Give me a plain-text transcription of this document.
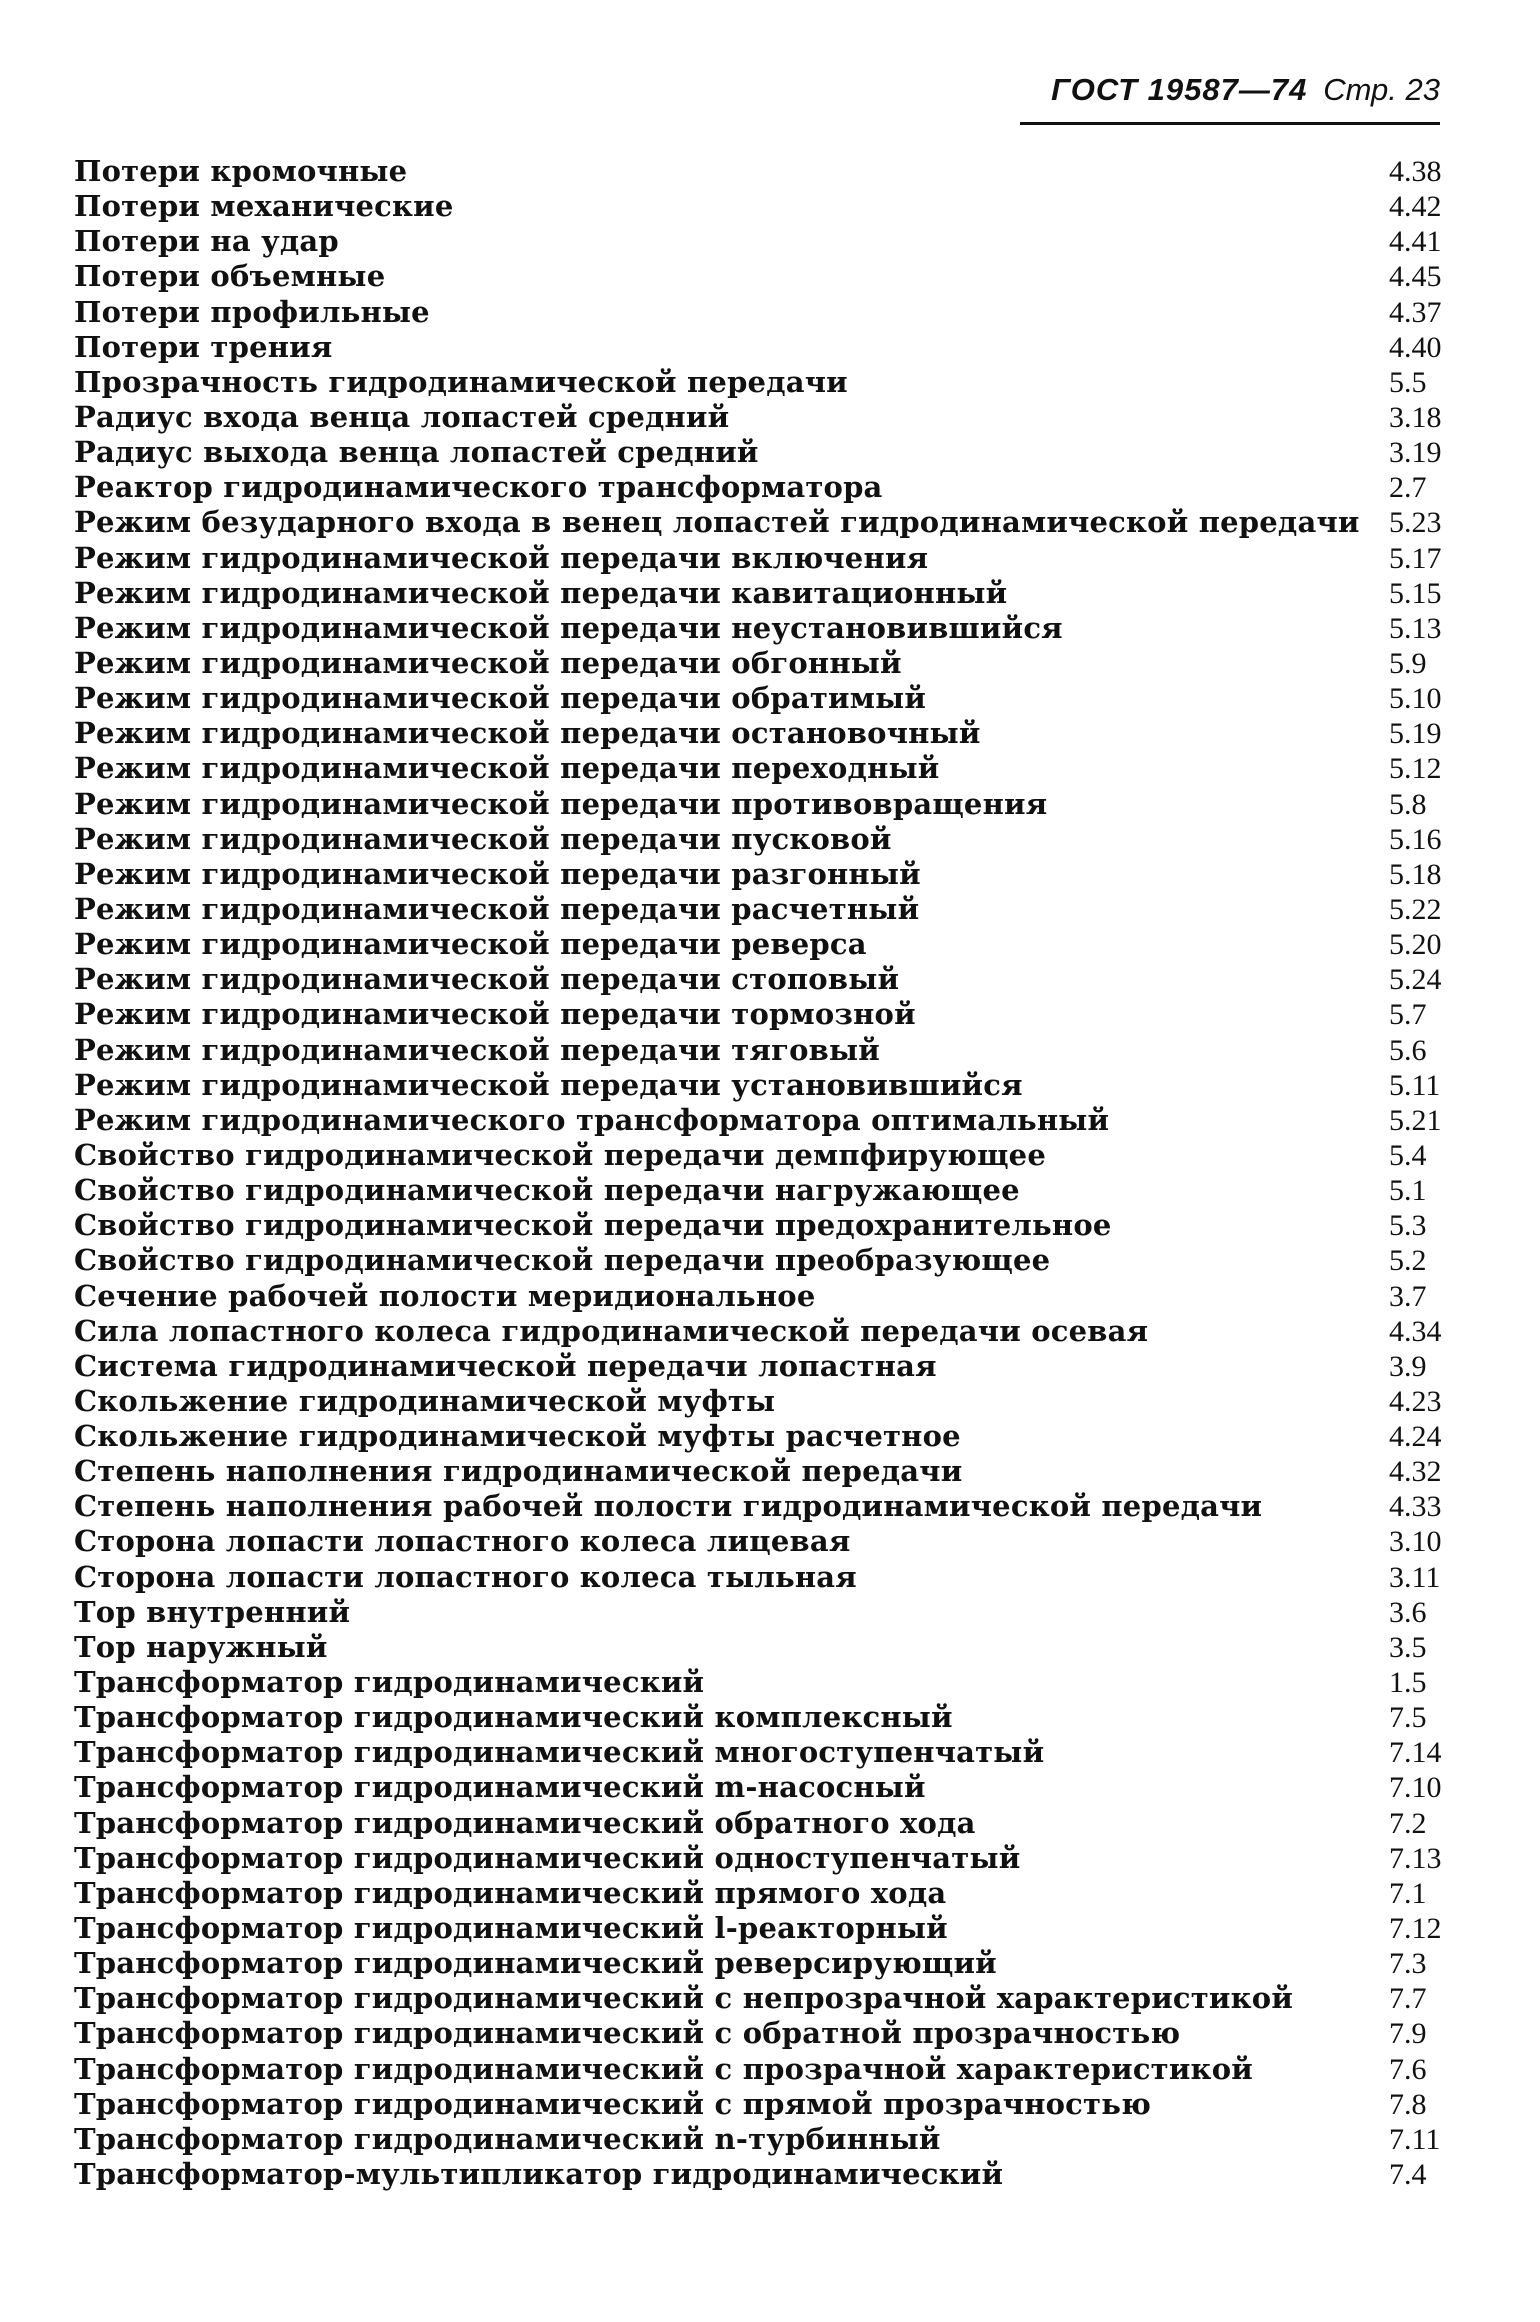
ГОСТ 19587—74 Стр. 23
Потери кромочные	4.38
Потери механические	4.42
Потери на удар	4.41
Потери объемные	4.45
Потери профильные	4.37
Потери трения	4.40
Прозрачность гидродинамической передачи	5.5
Радиус входа венца лопастей средний	3.18
Радиус выхода венца лопастей средний	3.19
Реактор гидродинамического трансформатора	2.7
Режим безударного входа в венец лопастей гидродинамической передачи 5.23
Режим гидродинамической передачи включения	5.17
Режим гидродинамической передачи кавитационный	5.15
Режим гидродинамической передачи неустановившийся	5.13
Режим гидродинамической передачи обгонный	5.9
Режим гидродинамической передачи обратимый	5.10
Режим гидродинамической передачи остановочный	5.19
Режим гидродинамической передачи переходный	5.12
Режим гидродинамической передачи противовращения	5.8
Режим гидродинамической передачи пусковой	5.16
Режим гидродинамической передачи разгонный	5.18
Режим гидродинамической передачи расчетный	5.22
Режим гидродинамической передачи реверса	5.20
Режим гидродинамической передачи стоповый	5.24
Режим гидродинамической передачи тормозной	5.7
Режим гидродинамической передачи тяговый	5.6
Режим гидродинамической передачи установившийся	5.11
Режим гидродинамического трансформатора оптимальный	5.21
Свойство гидродинамической передачи демпфирующее	5.4
Свойство гидродинамической передачи нагружающее	5.1
Свойство гидродинамической передачи предохранительное	5.3
Свойство гидродинамической передачи преобразующее	5.2
Сечение рабочей полости меридиональное	3.7
Сила лопастного колеса гидродинамической передачи осевая	4.34
Система гидродинамической передачи лопастная	3.9
Скольжение гидродинамической муфты	4.23
Скольжение гидродинамической муфты расчетное	4.24
Степень наполнения гидродинамической передачи	4.32
Степень наполнения рабочей полости гидродинамической передачи	4.33
Сторона лопасти лопастного колеса лицевая	3.10
Сторона лопасти лопастного колеса тыльная	3.11
Тор внутренний	3.6
Тор наружный	3.5
Трансформатор гидродинамический	1.5
Трансформатор гидродинамический комплексный	7.5
Трансформатор гидродинамический многоступенчатый	7.14
Трансформатор гидродинамический m-насосный	7.10
Трансформатор гидродинамический обратного хода	7.2
Трансформатор гидродинамический одноступенчатый	7.13
Трансформатор гидродинамический прямого хода	7.1
Трансформатор гидродинамический l-реакторный	7.12
Трансформатор гидродинамический реверсирующий	7.3
Трансформатор гидродинамический с непрозрачной характеристикой	7.7
Трансформатор гидродинамический с обратной прозрачностью	7.9
Трансформатор гидродинамический с прозрачной характеристикой	7.6
Трансформатор гидродинамический с прямой прозрачностью	7.8
Трансформатор гидродинамический n-турбинный	7.11
Трансформатор-мультипликатор гидродинамический	7.4
